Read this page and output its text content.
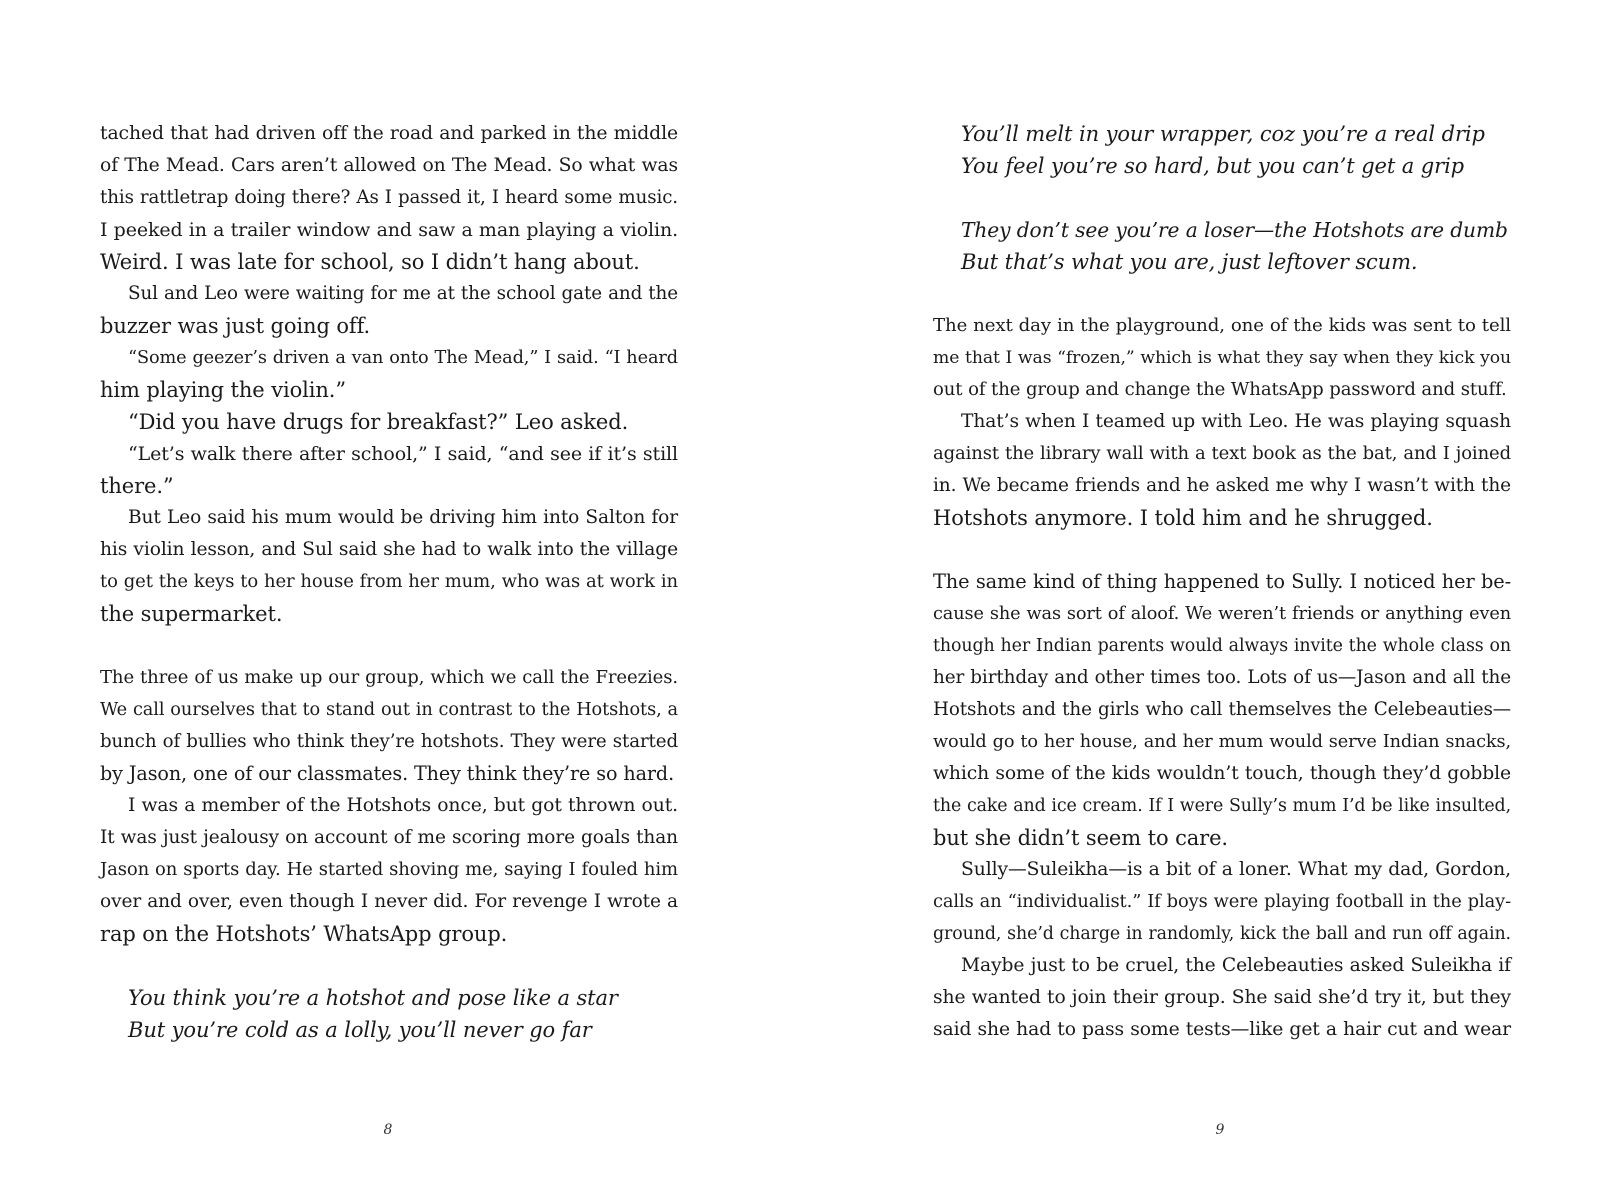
tached that had driven off the road and parked in the middle
of The Mead. Cars aren’t allowed on The Mead. So what was
this rattletrap doing there? As I passed it, I heard some music.
I peeked in a trailer window and saw a man playing a violin.
Weird. I was late for school, so I didn’t hang about.
Sul and Leo were waiting for me at the school gate and the
buzzer was just going off.
“Some geezer’s driven a van onto The Mead,” I said. “I heard
him playing the violin.”
“Did you have drugs for breakfast?” Leo asked.
“Let’s walk there after school,” I said, “and see if it’s still
there.”
But Leo said his mum would be driving him into Salton for
his violin lesson, and Sul said she had to walk into the village
to get the keys to her house from her mum, who was at work in
the supermarket.
The three of us make up our group, which we call the Freezies.
We call ourselves that to stand out in contrast to the Hotshots, a
bunch of bullies who think they’re hotshots. They were started
by Jason, one of our classmates. They think they’re so hard.
I was a member of the Hotshots once, but got thrown out.
It was just jealousy on account of me scoring more goals than
Jason on sports day. He started shoving me, saying I fouled him
over and over, even though I never did. For revenge I wrote a
rap on the Hotshots’ WhatsApp group.
You think you’re a hotshot and pose like a star
But you’re cold as a lolly, you’ll never go far
You’ll melt in your wrapper, coz you’re a real drip
You feel you’re so hard, but you can’t get a grip
They don’t see you’re a loser—the Hotshots are dumb
But that’s what you are, just leftover scum.
The next day in the playground, one of the kids was sent to tell
me that I was “frozen,” which is what they say when they kick you
out of the group and change the WhatsApp password and stuff.
That’s when I teamed up with Leo. He was playing squash
against the library wall with a text book as the bat, and I joined
in. We became friends and he asked me why I wasn’t with the
Hotshots anymore. I told him and he shrugged.
The same kind of thing happened to Sully. I noticed her be-
cause she was sort of aloof. We weren’t friends or anything even
though her Indian parents would always invite the whole class on
her birthday and other times too. Lots of us—Jason and all the
Hotshots and the girls who call themselves the Celebeauties—
would go to her house, and her mum would serve Indian snacks,
which some of the kids wouldn’t touch, though they’d gobble
the cake and ice cream. If I were Sully’s mum I’d be like insulted,
but she didn’t seem to care.
Sully—Suleikha—is a bit of a loner. What my dad, Gordon,
calls an “individualist.” If boys were playing football in the play-
ground, she’d charge in randomly, kick the ball and run off again.
Maybe just to be cruel, the Celebeauties asked Suleikha if
she wanted to join their group. She said she’d try it, but they
said she had to pass some tests—like get a hair cut and wear
8	9
